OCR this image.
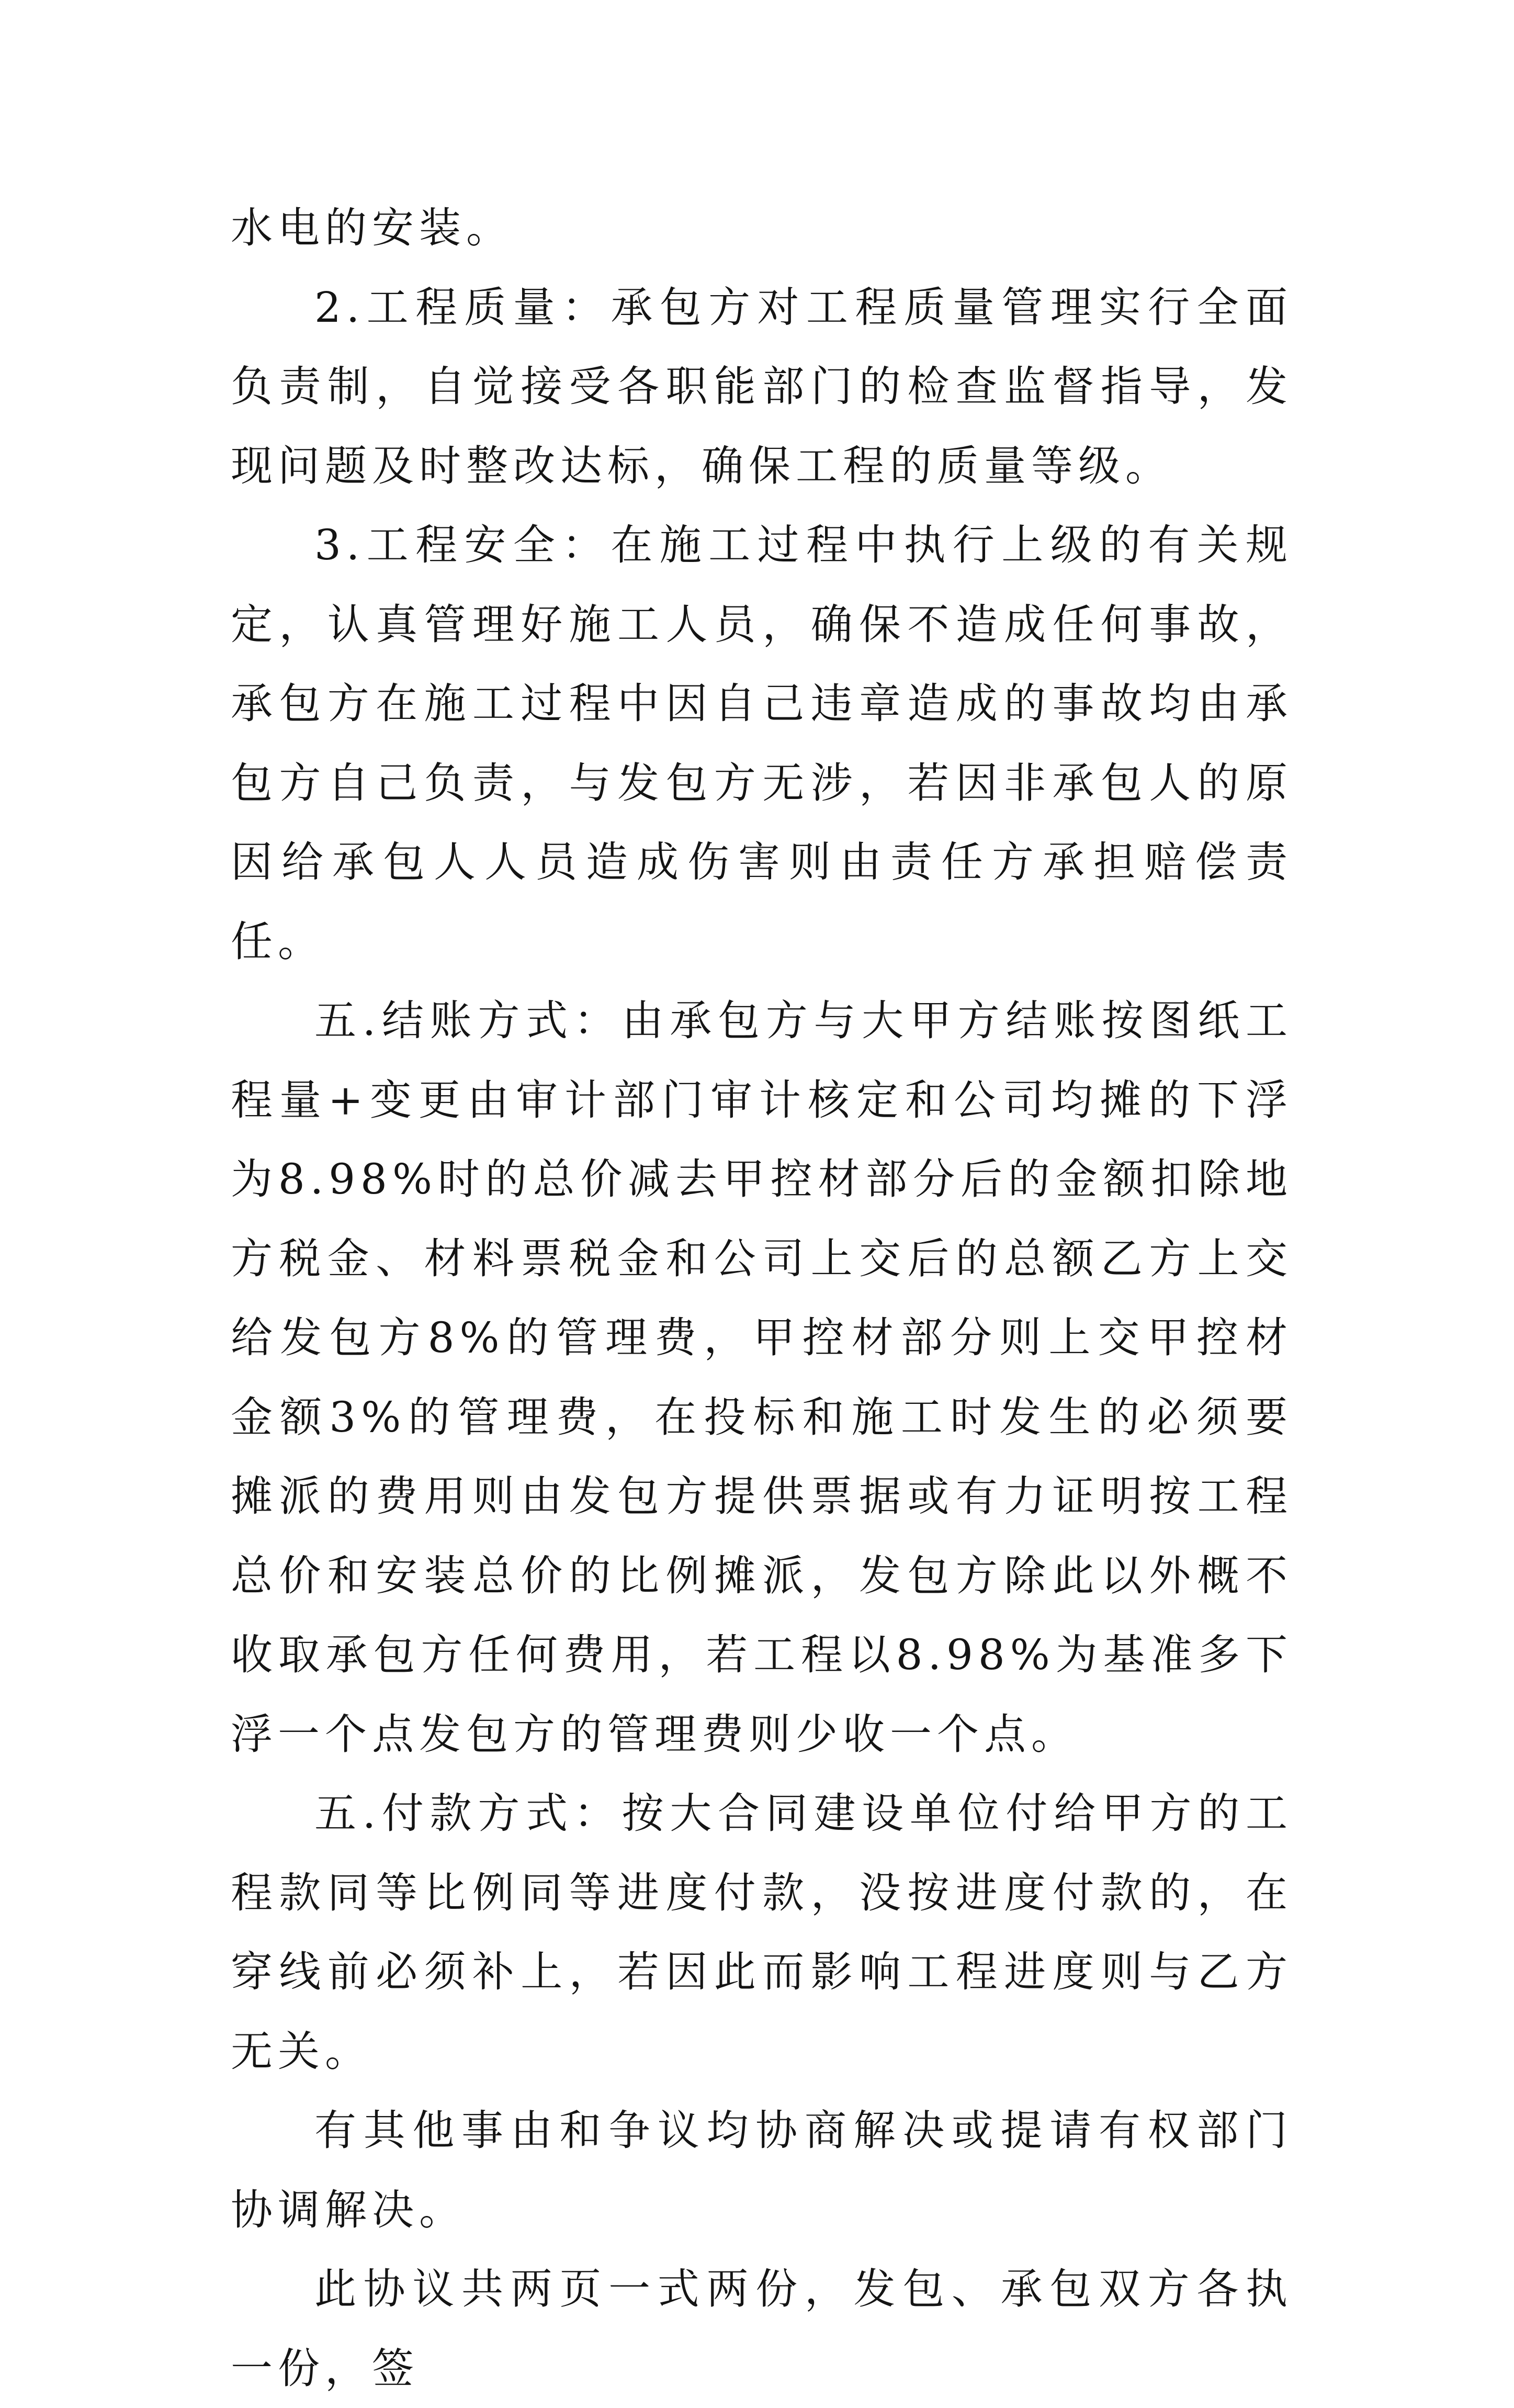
水电的安装。

2.工程质量：承包方对工程质量管理实行全面负责制，自觉接受各职能部门的检查监督指导，发现问题及时整改达标，确保工程的质量等级。

3.工程安全：在施工过程中执行上级的有关规定，认真管理好施工人员，确保不造成任何事故，承包方在施工过程中因自己违章造成的事故均由承包方自己负责，与发包方无涉，若因非承包人的原因给承包人人员造成伤害则由责任方承担赔偿责任。

五.结账方式：由承包方与大甲方结账按图纸工程量+变更由审计部门审计核定和公司均摊的下浮为8.98%时的总价减去甲控材部分后的金额扣除地方税金、材料票税金和公司上交后的总额乙方上交给发包方8%的管理费，甲控材部分则上交甲控材金额3%的管理费，在投标和施工时发生的必须要摊派的费用则由发包方提供票据或有力证明按工程总价和安装总价的比例摊派，发包方除此以外概不收取承包方任何费用，若工程以8.98%为基准多下浮一个点发包方的管理费则少收一个点。

五.付款方式：按大合同建设单位付给甲方的工程款同等比例同等进度付款，没按进度付款的，在穿线前必须补上，若因此而影响工程进度则与乙方无关。

有其他事由和争议均协商解决或提请有权部门协调解决。

此协议共两页一式两份，发包、承包双方各执一份，签
